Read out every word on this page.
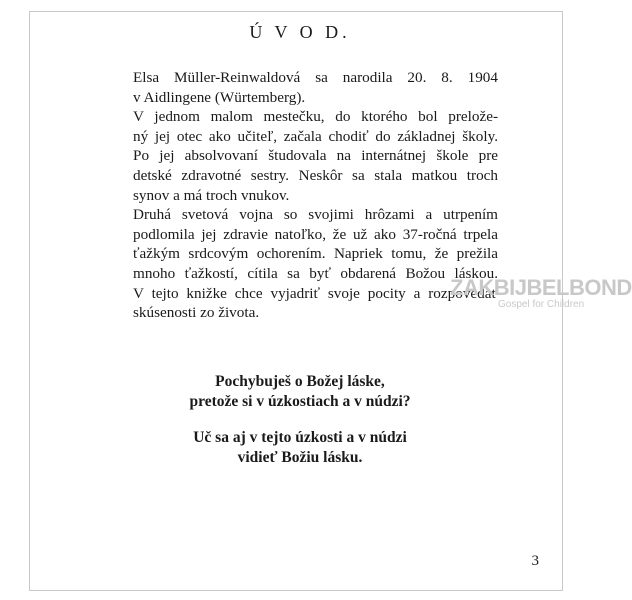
Ú V O D.

Elsa Müller-Reinwaldová sa narodila 20. 8. 1904
v Aidlingene (Würtemberg).

V jednom malom mestečku, do ktorého bol prelože-
ný jej otec ako učiteľ, začala chodiť do základnej školy.
Po jej absolvovaní študovala na internátnej škole pre
detské zdravotné sestry. Neskôr sa stala matkou troch
synov a má troch vnukov.

Druhá svetová vojna so svojimi hrôzami a utrpením
podlomila jej zdravie natoľko, že už ako 37-ročná trpela
ťažkým srdcovým ochorením. Napriek tomu, že prežila
mnoho ťažkostí, cítila sa byť obdarená Božou láskou.
V tejto knižke chce vyjadriť svoje pocity a rozpovedať
skúsenosti zo života.

ZAKBIJBELBOND
Gospel for Children
Pochybuješ o Božej láske,
pretože si v úzkostiach a v núdzi?
Uč sa aj v tejto úzkosti a v núdzi
vidieť Božiu lásku.
3
